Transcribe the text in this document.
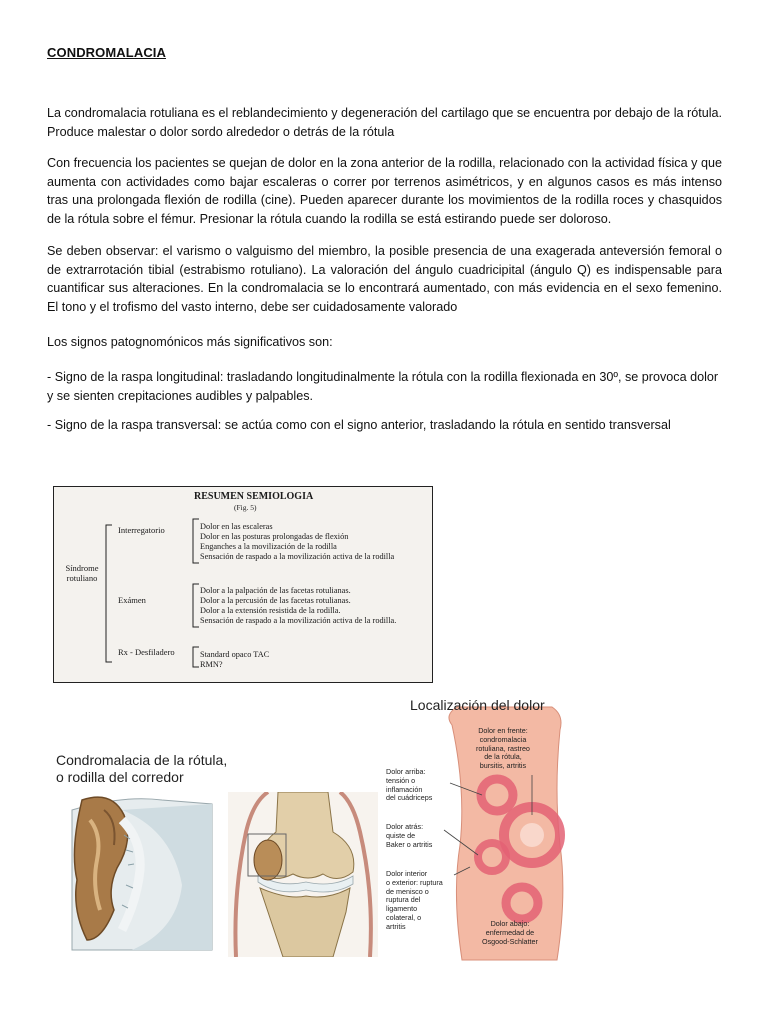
CONDROMALACIA

La condromalacia rotuliana es el reblandecimiento y degeneración del cartilago que se encuentra por debajo de la rótula. Produce malestar o dolor sordo alrededor o detrás de la rótula

Con frecuencia los pacientes se quejan de dolor en la zona anterior de la rodilla, relacionado con la actividad física y que aumenta con actividades como bajar escaleras o correr por terrenos asimétricos, y en algunos casos es más intenso tras una prolongada flexión de rodilla (cine). Pueden aparecer durante los movimientos de la rodilla roces y chasquidos de la rótula sobre el fémur. Presionar la rótula cuando la rodilla se está estirando puede ser doloroso.

Se deben observar: el varismo o valguismo del miembro, la posible presencia de una exagerada anteversión femoral o de extrarrotación tibial (estrabismo rotuliano). La valoración del ángulo cuadricipital (ángulo Q) es indispensable para cuantificar sus alteraciones. En la condromalacia se lo encontrará aumentado, con más evidencia en el sexo femenino. El tono y el trofismo del vasto interno, debe ser cuidadosamente valorado

Los signos patognomónicos más significativos son:

- Signo de la raspa longitudinal: trasladando longitudinalmente la rótula con la rodilla flexionada en 30º, se provoca dolor y se sienten crepitaciones audibles y palpables.

- Signo de la raspa transversal: se actúa como con el signo anterior, trasladando la rótula en sentido transversal

RESUMEN SEMIOLOGIA
(Fig. 5)
Síndrome rotuliano
Interregatorio
Exámen
Rx - Desfiladero
Dolor en las escaleras
Dolor en las posturas prolongadas de flexión
Enganches a la movilización de la rodilla
Sensación de raspado a la movilización activa de la rodilla
Dolor a la palpación de las facetas rotulianas.
Dolor a la percusión de las facetas rotulianas.
Dolor a la extensión resistida de la rodilla.
Sensación de raspado a la movilización activa de la rodilla.
Standard opaco TAC
RMN?
Condromalacia de la rótula,
o rodilla del corredor
Localización del dolor
Dolor en frente:
condromalacia
rotuliana, rastreo
de la rótula,
bursitis, artritis
Dolor arriba:
tensión o
inflamación
del cuádriceps
Dolor atrás:
quiste de
Baker o artritis
Dolor interior
o exterior: ruptura
de menisco o
ruptura del
ligamento
colateral, o
artritis	Dolor abajo:
enfermedad de
Osgood-Schlatter
